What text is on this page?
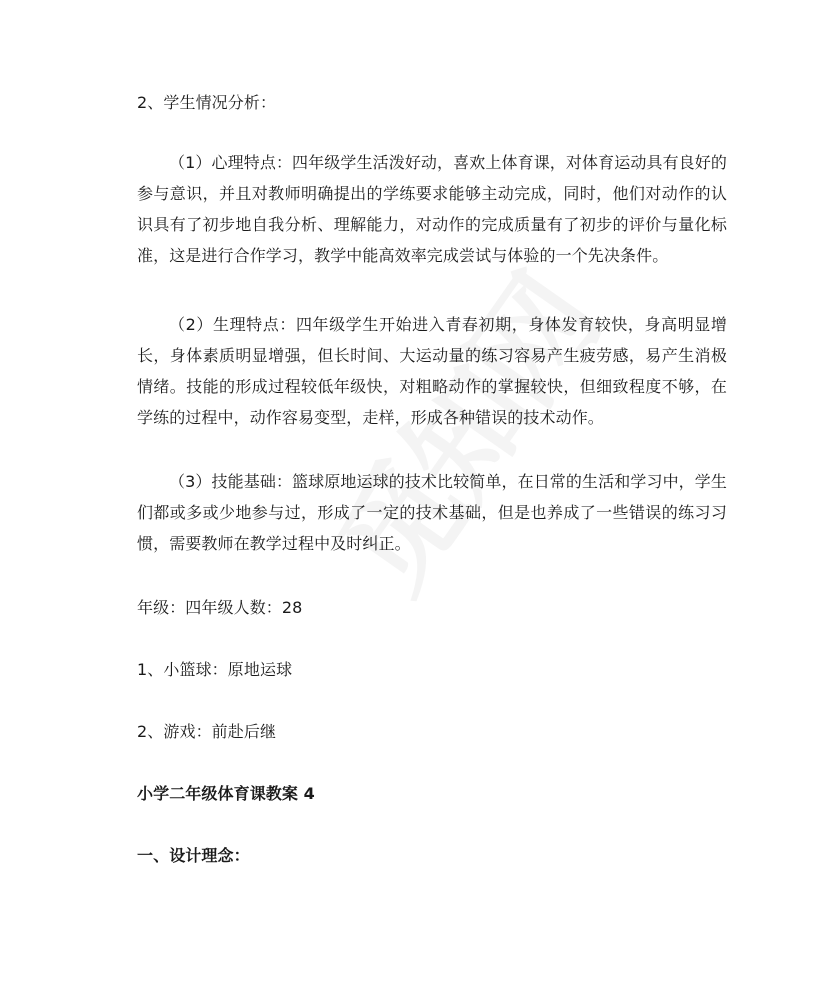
2、学生情况分析：
（1）心理特点：四年级学生活泼好动，喜欢上体育课，对体育运动具有良好的参与意识，并且对教师明确提出的学练要求能够主动完成，同时，他们对动作的认识具有了初步地自我分析、理解能力，对动作的完成质量有了初步的评价与量化标准，这是进行合作学习，教学中能高效率完成尝试与体验的一个先决条件。
（2）生理特点：四年级学生开始进入青春初期，身体发育较快，身高明显增长，身体素质明显增强，但长时间、大运动量的练习容易产生疲劳感，易产生消极情绪。技能的形成过程较低年级快，对粗略动作的掌握较快，但细致程度不够，在学练的过程中，动作容易变型，走样，形成各种错误的技术动作。
（3）技能基础：篮球原地运球的技术比较简单，在日常的生活和学习中，学生们都或多或少地参与过，形成了一定的技术基础，但是也养成了一些错误的练习习惯，需要教师在教学过程中及时纠正。
年级：四年级人数：28
1、小篮球：原地运球
2、游戏：前赴后继
小学二年级体育课教案 4
一、设计理念：
